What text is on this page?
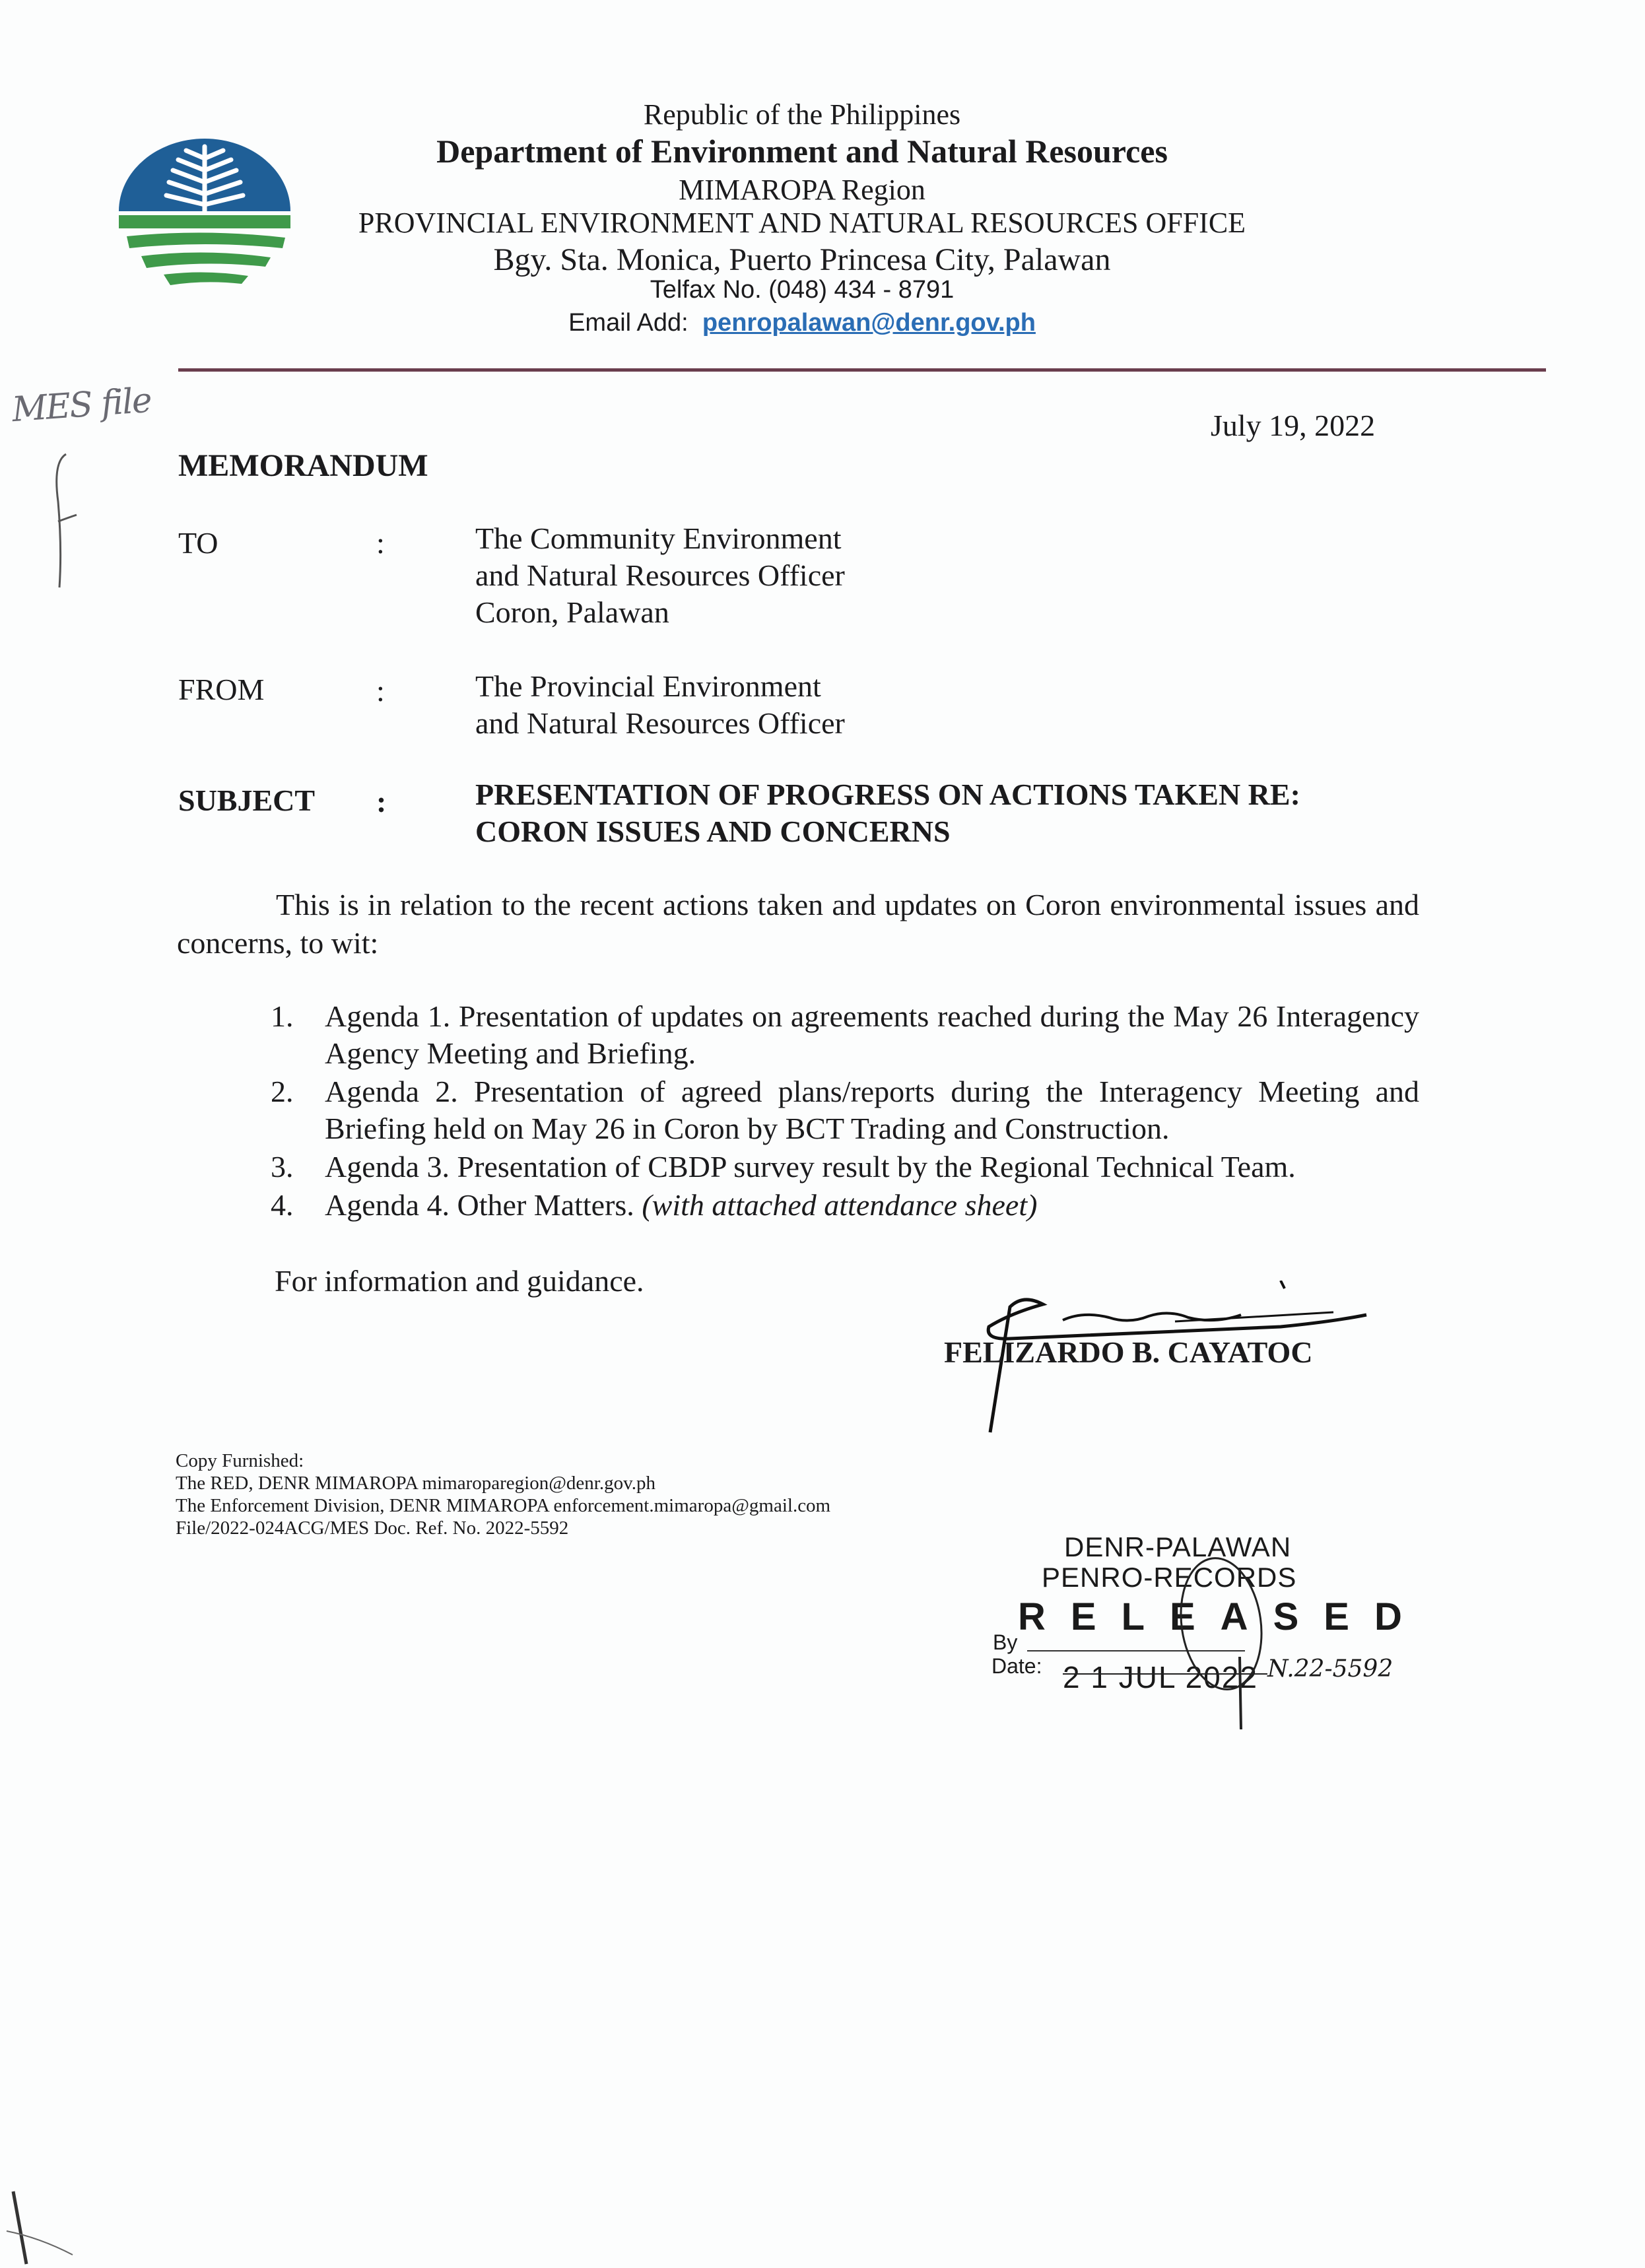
Republic of the Philippines
Department of Environment and Natural Resources
MIMAROPA Region
PROVINCIAL ENVIRONMENT AND NATURAL RESOURCES OFFICE
Bgy. Sta. Monica, Puerto Princesa City, Palawan
Telfax No. (048) 434 - 8791
Email Add: penropalawan@denr.gov.ph
MES file	July 19, 2022
MEMORANDUM
TO	:	The Community Environment
and Natural Resources Officer
Coron, Palawan
FROM	:	The Provincial Environment
and Natural Resources Officer
SUBJECT :	PRESENTATION OF PROGRESS ON ACTIONS TAKEN RE:
CORON ISSUES AND CONCERNS
This is in relation to the recent actions taken and updates on Coron environmental issues and concerns, to wit:
1. Agenda 1. Presentation of updates on agreements reached during the May 26 Interagency Agency Meeting and Briefing.
2. Agenda 2. Presentation of agreed plans/reports during the Interagency Meeting and Briefing held on May 26 in Coron by BCT Trading and Construction.
3. Agenda 3. Presentation of CBDP survey result by the Regional Technical Team.
4. Agenda 4. Other Matters. (with attached attendance sheet)
For information and guidance.
FELIZARDO B. CAYATOC
Copy Furnished:
The RED, DENR MIMAROPA mimaroparegion@denr.gov.ph
The Enforcement Division, DENR MIMAROPA enforcement.mimaropa@gmail.com
File/2022-024ACG/MES Doc. Ref. No. 2022-5592
DENR-PALAWAN
PENRO-RECORDS
RELEASED
By
Date: 2 1 JUL 2022 N.22-5592
